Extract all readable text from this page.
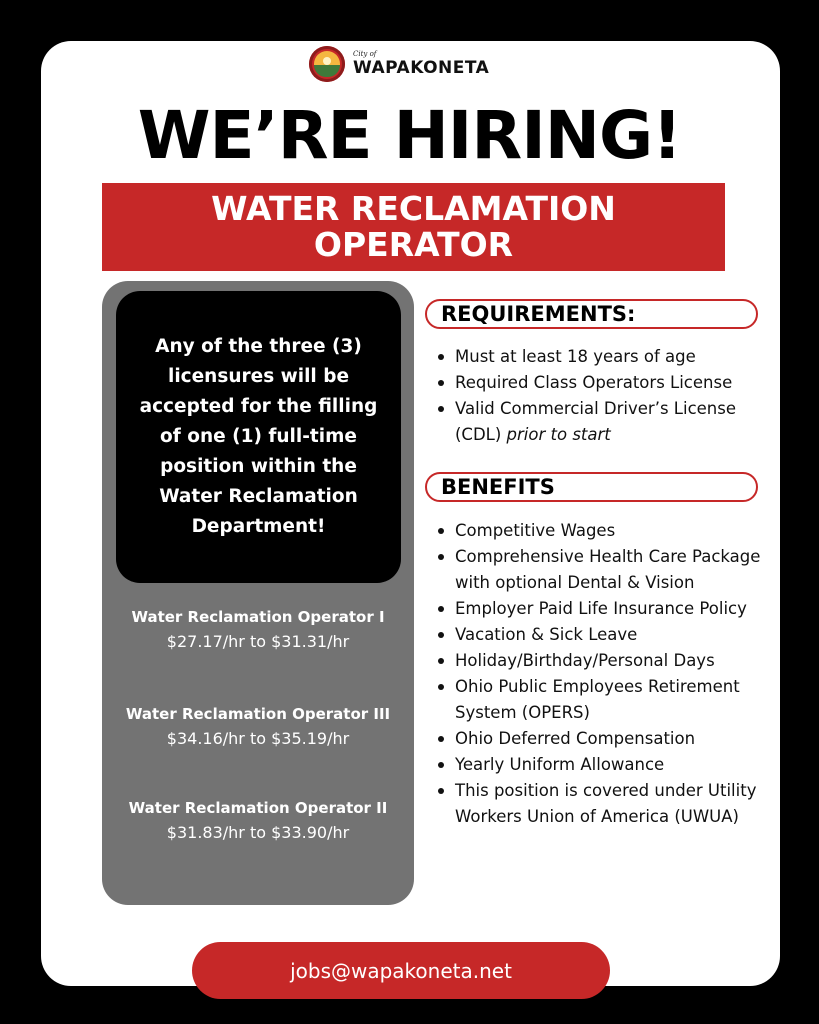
City of
WAPAKONETA
WE’RE HIRING!
WATER RECLAMATION OPERATOR

Any of the three (3) licensures will be accepted for the filling of one (1) full-time position within the Water Reclamation Department!

Water Reclamation Operator I
$27.17/hr to $31.31/hr
Water Reclamation Operator III
$34.16/hr to $35.19/hr
Water Reclamation Operator II
$31.83/hr to $33.90/hr
REQUIREMENTS:
Must at least 18 years of age
Required Class Operators License
Valid Commercial Driver’s License (CDL) prior to start
BENEFITS
Competitive Wages
Comprehensive Health Care Package with optional Dental & Vision
Employer Paid Life Insurance Policy
Vacation & Sick Leave
Holiday/Birthday/Personal Days
Ohio Public Employees Retirement System (OPERS)
Ohio Deferred Compensation
Yearly Uniform Allowance
This position is covered under Utility Workers Union of America (UWUA)
jobs@wapakoneta.net
